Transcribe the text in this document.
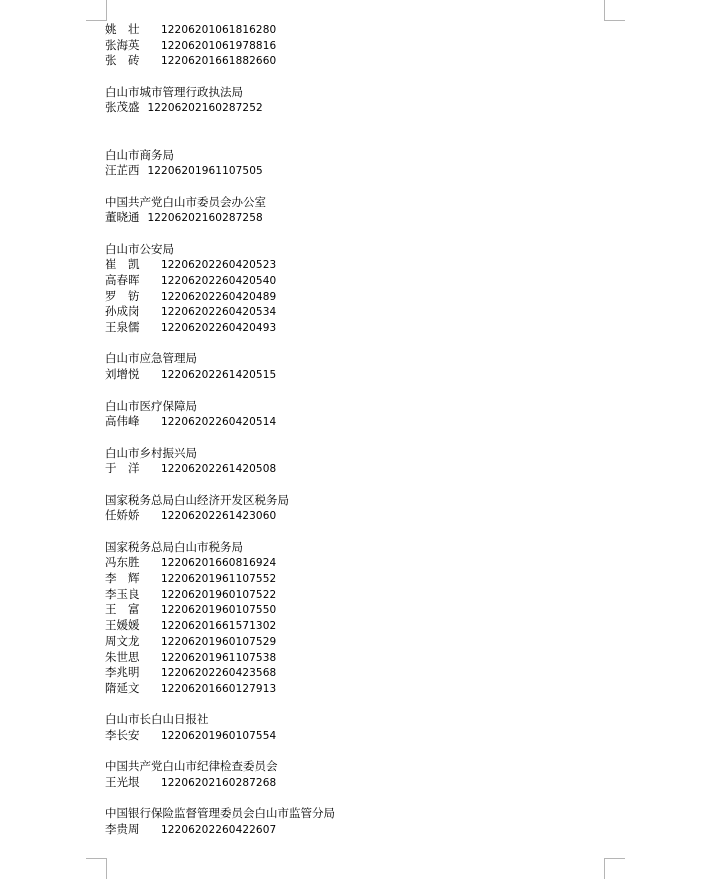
姚　壮 12206201061816280
张海英 12206201061978816
张　砖 12206201661882660
白山市城市管理行政执法局
张茂盛 12206202160287252
白山市商务局
汪芷西 12206201961107505
中国共产党白山市委员会办公室
董晓通 12206202160287258
白山市公安局
崔　凯 12206202260420523
高春晖 12206202260420540
罗　钫 12206202260420489
孙成岗 12206202260420534
王泉儒 12206202260420493
白山市应急管理局
刘增悦 12206202261420515
白山市医疗保障局
高伟峰 12206202260420514
白山市乡村振兴局
于　洋 12206202261420508
国家税务总局白山经济开发区税务局
任娇娇 12206202261423060
国家税务总局白山市税务局
冯东胜 12206201660816924
李　辉 12206201961107552
李玉良 12206201960107522
王　富 12206201960107550
王媛媛 12206201661571302
周文龙 12206201960107529
朱世思 12206201961107538
李兆明 12206202260423568
隋延文 12206201660127913
白山市长白山日报社
李长安 12206201960107554
中国共产党白山市纪律检查委员会
王光垠 12206202160287268
中国银行保险监督管理委员会白山市监管分局
李贵周 12206202260422607
